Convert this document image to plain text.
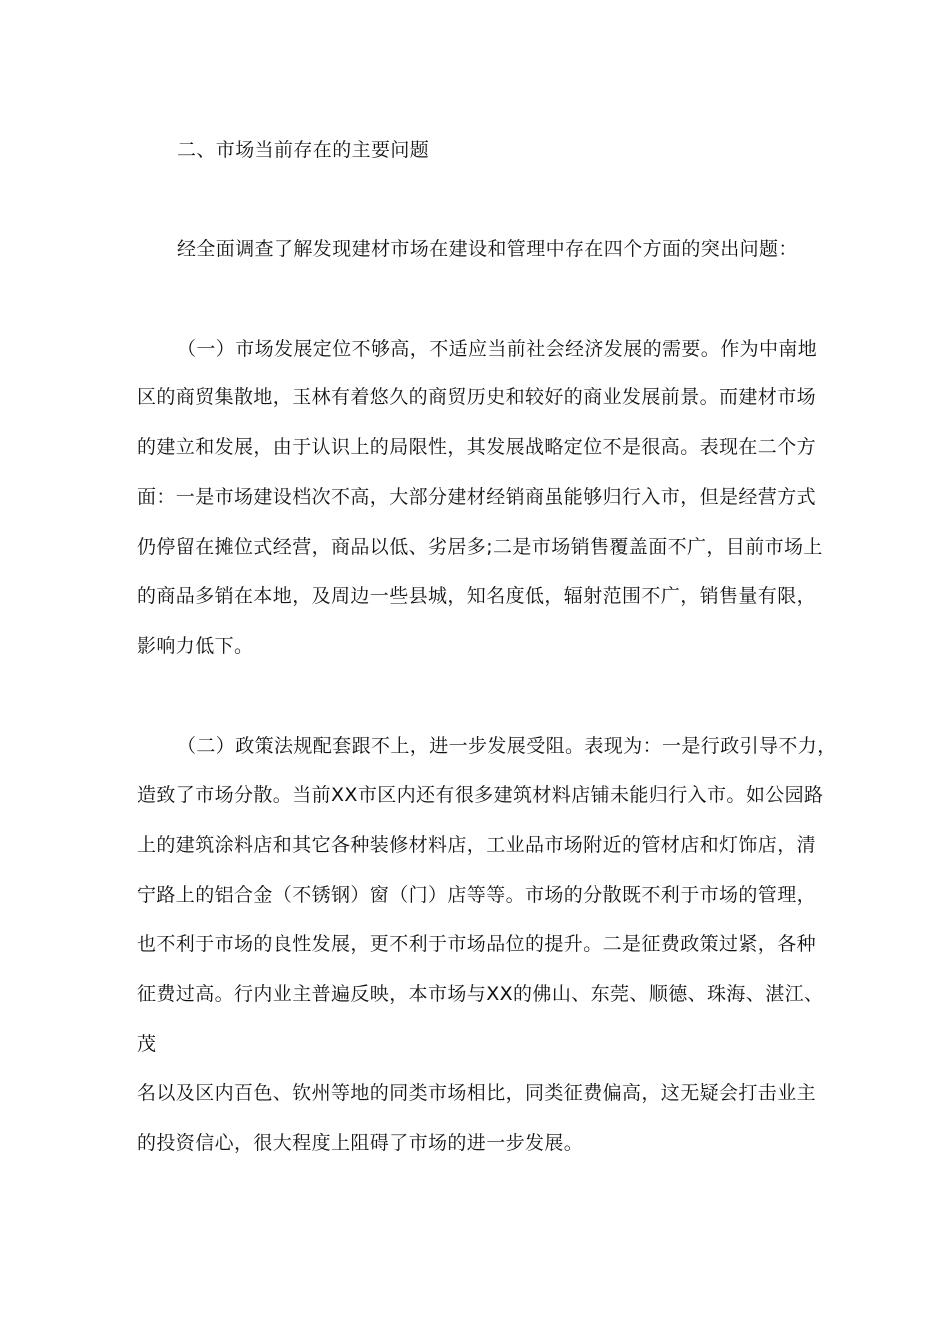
二、市场当前存在的主要问题
经全面调查了解发现建材市场在建设和管理中存在四个方面的突出问题：
（一）市场发展定位不够高，不适应当前社会经济发展的需要。作为中南地
区的商贸集散地，玉林有着悠久的商贸历史和较好的商业发展前景。而建材市场
的建立和发展，由于认识上的局限性，其发展战略定位不是很高。表现在二个方
面：一是市场建设档次不高，大部分建材经销商虽能够归行入市，但是经营方式
仍停留在摊位式经营，商品以低、劣居多;二是市场销售覆盖面不广，目前市场上
的商品多销在本地，及周边一些县城，知名度低，辐射范围不广，销售量有限，
影响力低下。
（二）政策法规配套跟不上，进一步发展受阻。表现为：一是行政引导不力，
造致了市场分散。当前XX市区内还有很多建筑材料店铺未能归行入市。如公园路
上的建筑涂料店和其它各种装修材料店，工业品市场附近的管材店和灯饰店，清
宁路上的铝合金（不锈钢）窗（门）店等等。市场的分散既不利于市场的管理，
也不利于市场的良性发展，更不利于市场品位的提升。二是征费政策过紧，各种
征费过高。行内业主普遍反映，本市场与XX的佛山、东莞、顺德、珠海、湛江、
茂
名以及区内百色、钦州等地的同类市场相比，同类征费偏高，这无疑会打击业主
的投资信心，很大程度上阻碍了市场的进一步发展。
